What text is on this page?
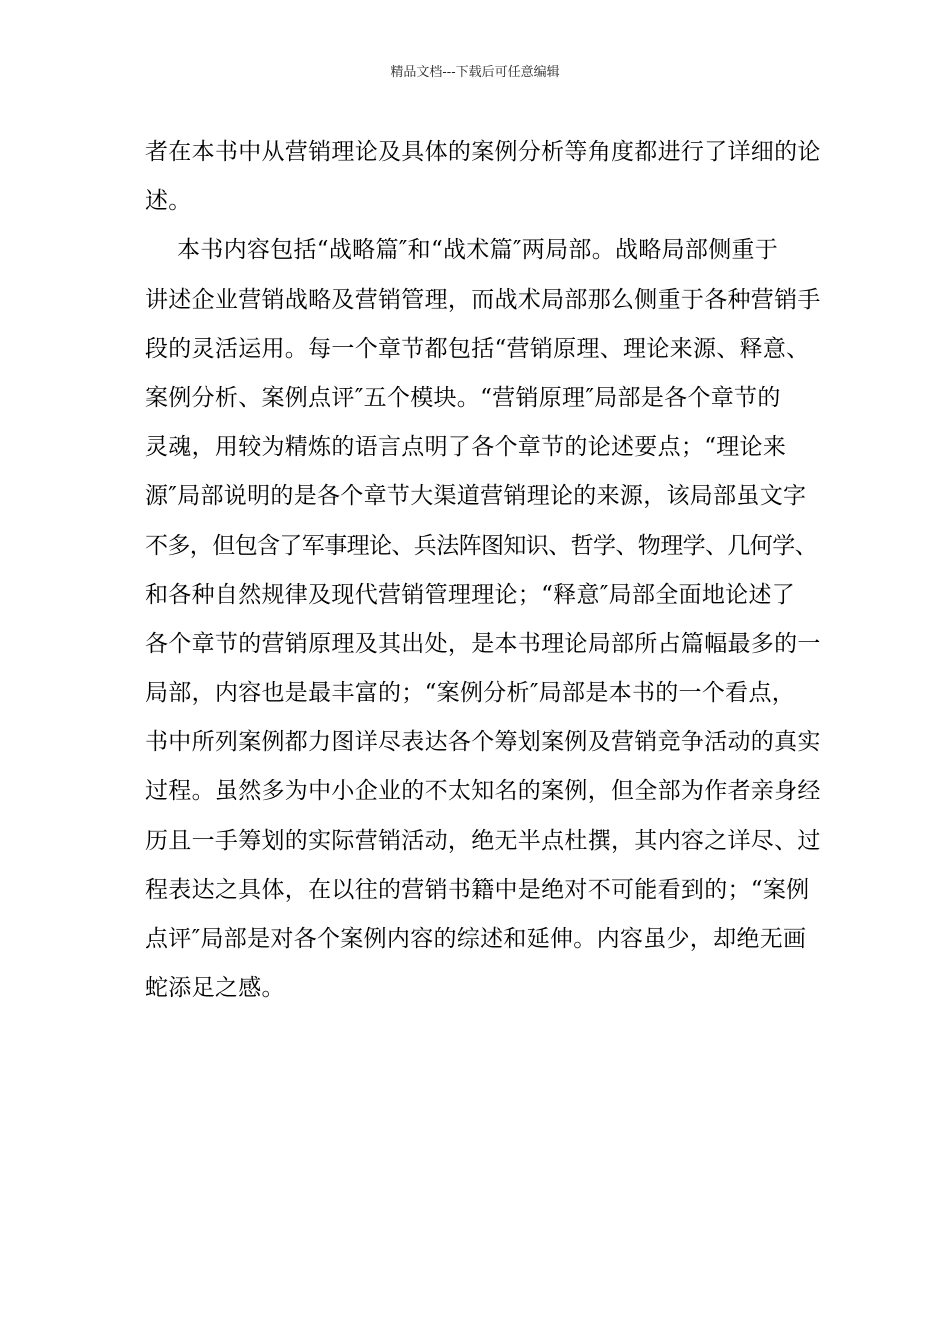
精品文档---下载后可任意编辑
者在本书中从营销理论及具体的案例分析等角度都进行了详细的论
述。
本书内容包括“战略篇″和“战术篇″两局部。战略局部侧重于
讲述企业营销战略及营销管理，而战术局部那么侧重于各种营销手
段的灵活运用。每一个章节都包括“营销原理、理论来源、释意、
案例分析、案例点评″五个模块。“营销原理″局部是各个章节的
灵魂，用较为精炼的语言点明了各个章节的论述要点；“理论来
源″局部说明的是各个章节大渠道营销理论的来源，该局部虽文字
不多，但包含了军事理论、兵法阵图知识、哲学、物理学、几何学、
和各种自然规律及现代营销管理理论；“释意″局部全面地论述了
各个章节的营销原理及其出处，是本书理论局部所占篇幅最多的一
局部，内容也是最丰富的；“案例分析″局部是本书的一个看点，
书中所列案例都力图详尽表达各个筹划案例及营销竞争活动的真实
过程。虽然多为中小企业的不太知名的案例，但全部为作者亲身经
历且一手筹划的实际营销活动，绝无半点杜撰，其内容之详尽、过
程表达之具体，在以往的营销书籍中是绝对不可能看到的；“案例
点评″局部是对各个案例内容的综述和延伸。内容虽少，却绝无画
蛇添足之感。
